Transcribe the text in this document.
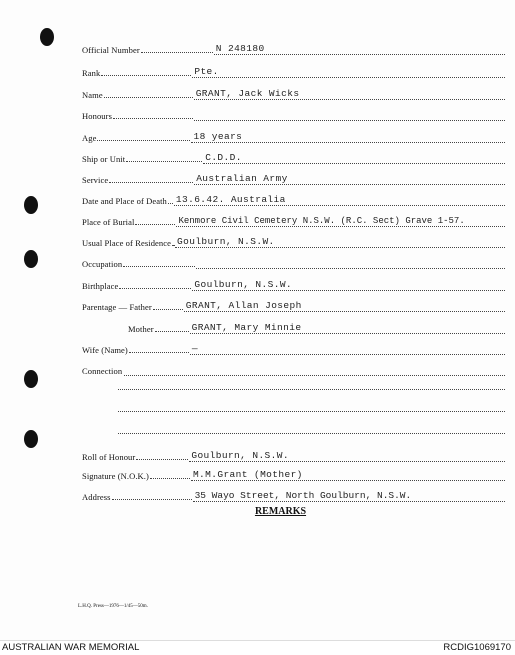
Official Number	N 248180
Rank	Pte.
Name	GRANT, Jack Wicks
Honours
Age	18 years
Ship or Unit	C.D.D.
Service	Australian Army
Date and Place of Death 13.6.42. Australia
Place of Burial	Kenmore Civil Cemetery N.S.W. (R.C. Sect) Grave 1-57.
Usual Place of Residence Goulburn, N.S.W.
Occupation
Birthplace	Goulburn, N.S.W.
Parentage — Father	GRANT, Allan Joseph
Mother	GRANT, Mary Minnie
Wife (Name)	—
Connection
Roll of Honour	Goulburn, N.S.W.
Signature (N.O.K.)	M.M.Grant (Mother)
Address	35 Wayo Street, North Goulburn, N.S.W.
REMARKS
L.H.Q. Press—1976—1/45—50m.
AUSTRALIAN WAR MEMORIAL	RCDIG1069170
